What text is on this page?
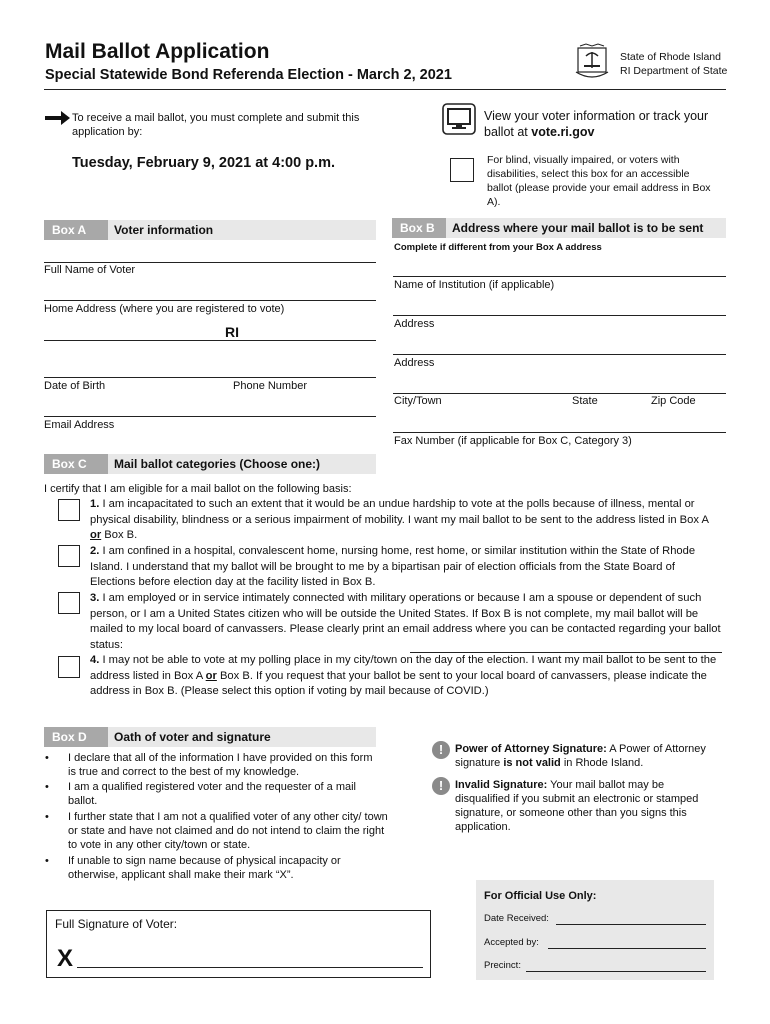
Mail Ballot Application
Special Statewide Bond Referenda Election - March 2, 2021
State of Rhode Island
RI Department of State
To receive a mail ballot, you must complete and submit this application by:
Tuesday, February 9, 2021 at 4:00 p.m.
View your voter information or track your ballot at vote.ri.gov
For blind, visually impaired, or voters with disabilities, select this box for an accessible ballot (please provide your email address in Box A).
Box A	Voter information
Full Name of Voter
Home Address (where you are registered to vote)
RI
Date of Birth	Phone Number
Email Address
Box B	Address where your mail ballot is to be sent
Complete if different from your Box A address
Name of Institution (if applicable)
Address
Address
City/Town	State	Zip Code
Fax Number (if applicable for Box C, Category 3)
Box C	Mail ballot categories (Choose one:)
I certify that I am eligible for a mail ballot on the following basis:
1. I am incapacitated to such an extent that it would be an undue hardship to vote at the polls because of illness, mental or physical disability, blindness or a serious impairment of mobility. I want my mail ballot to be sent to the address listed in Box A or Box B.
2. I am confined in a hospital, convalescent home, nursing home, rest home, or similar institution within the State of Rhode Island. I understand that my ballot will be brought to me by a bipartisan pair of election officials from the State Board of Elections before election day at the facility listed in Box B.
3. I am employed or in service intimately connected with military operations or because I am a spouse or dependent of such person, or I am a United States citizen who will be outside the United States. If Box B is not complete, my mail ballot will be mailed to my local board of canvassers. Please clearly print an email address where you can be contacted regarding your ballot status:
4. I may not be able to vote at my polling place in my city/town on the day of the election. I want my mail ballot to be sent to the address listed in Box A or Box B. If you request that your ballot be sent to your local board of canvassers, please indicate the address in Box B. (Please select this option if voting by mail because of COVID.)
Box D	Oath of voter and signature
• I declare that all of the information I have provided on this form is true and correct to the best of my knowledge.
• I am a qualified registered voter and the requester of a mail ballot.
• I further state that I am not a qualified voter of any other city/ town or state and have not claimed and do not intend to claim the right to vote in any other city/town or state.
• If unable to sign name because of physical incapacity or otherwise, applicant shall make their mark “X”.
Full Signature of Voter:
X
!	Power of Attorney Signature: A Power of Attorney signature is not valid in Rhode Island.
!	Invalid Signature: Your mail ballot may be disqualified if you submit an electronic or stamped signature, or someone other than you signs this application.
For Official Use Only:
Date Received:
Accepted by:
Precinct:
